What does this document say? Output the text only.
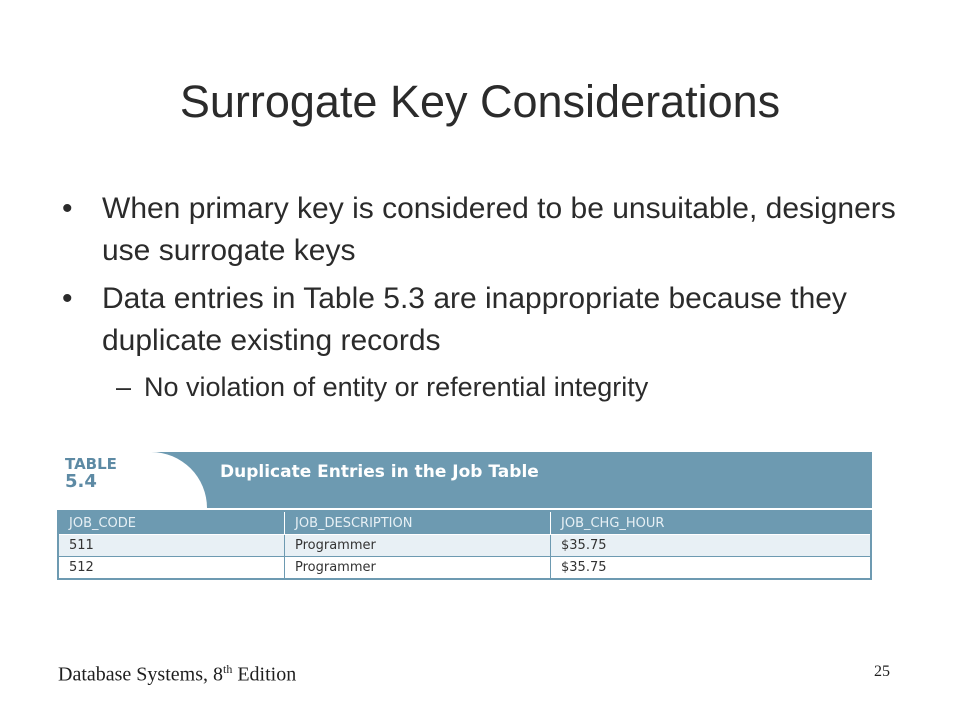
Surrogate Key Considerations
• When primary key is considered to be unsuitable, designers use surrogate keys
• Data entries in Table 5.3 are inappropriate because they duplicate existing records
– No violation of entity or referential integrity
TABLE
5.4	Duplicate Entries in the Job Table
JOB_CODE	JOB_DESCRIPTION	JOB_CHG_HOUR
511	Programmer	$35.75
512	Programmer	$35.75
Database Systems, 8th Edition	25
